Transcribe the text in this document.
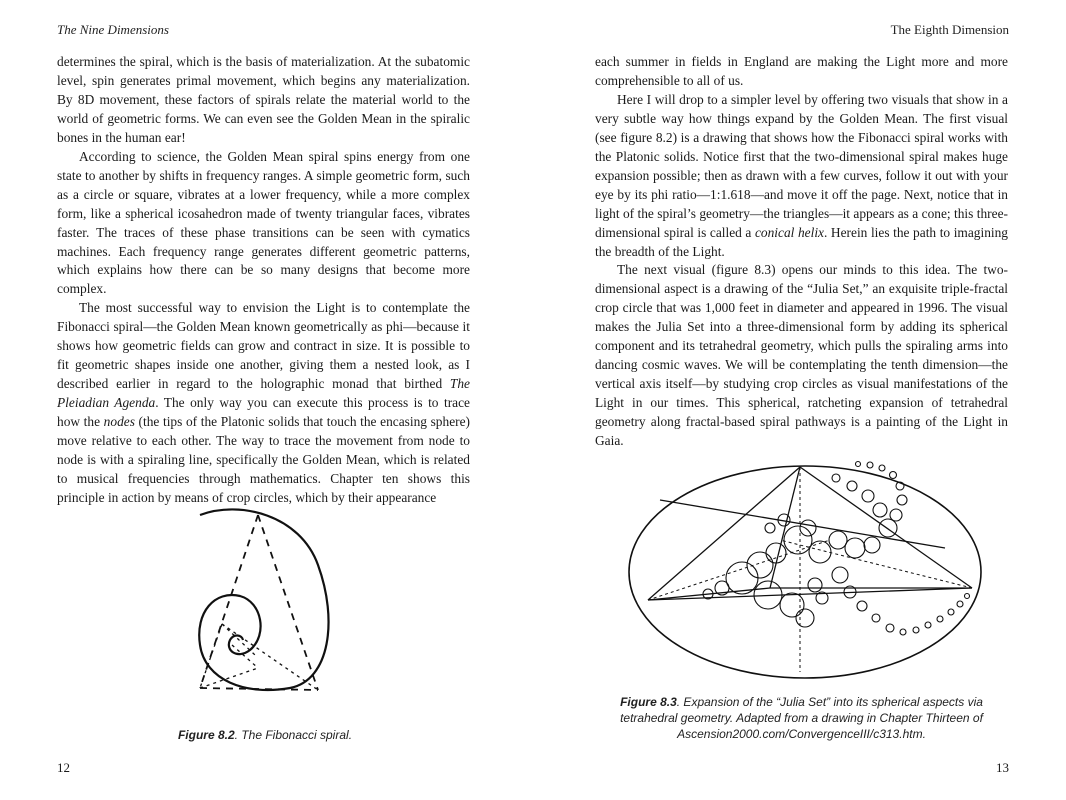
The Nine Dimensions

determines the spiral, which is the basis of materialization. At the subatomic level, spin generates primal movement, which begins any materialization. By 8D movement, these factors of spirals relate the material world to the world of geometric forms. We can even see the Golden Mean in the spiralic bones in the human ear!

According to science, the Golden Mean spiral spins energy from one state to another by shifts in frequency ranges. A simple geometric form, such as a circle or square, vibrates at a lower frequency, while a more complex form, like a spherical icosahedron made of twenty triangular faces, vibrates faster. The traces of these phase transitions can be seen with cymatics machines. Each frequency range generates different geometric patterns, which explains how there can be so many designs that become more complex.

The most successful way to envision the Light is to contemplate the Fibonacci spiral—the Golden Mean known geometrically as phi—because it shows how geometric fields can grow and contract in size. It is possible to fit geometric shapes inside one another, giving them a nested look, as I described earlier in regard to the holographic monad that birthed The Pleiadian Agenda. The only way you can execute this process is to trace how the nodes (the tips of the Platonic solids that touch the encasing sphere) move relative to each other. The way to trace the movement from node to node is with a spiraling line, specifically the Golden Mean, which is related to musical frequencies through mathematics. Chapter ten shows this principle in action by means of crop circles, which by their appearance

Figure 8.2. The Fibonacci spiral.
12
The Eighth Dimension

each summer in fields in England are making the Light more and more comprehensible to all of us.

Here I will drop to a simpler level by offering two visuals that show in a very subtle way how things expand by the Golden Mean. The first visual (see figure 8.2) is a drawing that shows how the Fibonacci spiral works with the Platonic solids. Notice first that the two-dimensional spiral makes huge expansion possible; then as drawn with a few curves, follow it out with your eye by its phi ratio—1:1.618—and move it off the page. Next, notice that in light of the spiral’s geometry—the triangles—it appears as a cone; this three-dimensional spiral is called a conical helix. Herein lies the path to imagining the breadth of the Light.

The next visual (figure 8.3) opens our minds to this idea. The two-dimensional aspect is a drawing of the “Julia Set,” an exquisite triple-fractal crop circle that was 1,000 feet in diameter and appeared in 1996. The visual makes the Julia Set into a three-dimensional form by adding its spherical component and its tetrahedral geometry, which pulls the spiraling arms into dancing cosmic waves. We will be contemplating the tenth dimension—the vertical axis itself—by studying crop circles as visual manifestations of the Light in our times. This spherical, ratcheting expansion of tetrahedral geometry along fractal-based spiral pathways is a painting of the Light in Gaia.

Figure 8.3. Expansion of the “Julia Set” into its spherical aspects via
tetrahedral geometry. Adapted from a drawing in Chapter Thirteen of
Ascension2000.com/ConvergenceIII/c313.htm.
13
